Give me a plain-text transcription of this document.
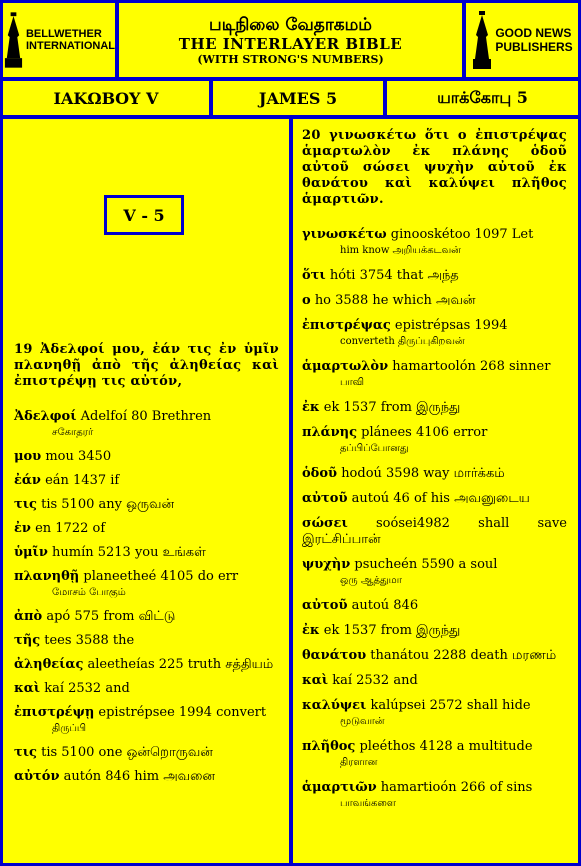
BELLWETHER
INTERNATIONAL
படிநிலை வேதாகமம்
THE INTERLAYER BIBLE
(WITH STRONG'S NUMBERS)
GOOD NEWS
PUBLISHERS
ΙΑΚΩΒΟΥ V	JAMES 5	யாக்கோபு 5
V - 5

19 Ἀδελφοί μου, ἐάν τις ἐν ὑμῖν πλανηθῇ ἀπὸ τῆς ἀληθείας καὶ ἐπιστρέψῃ τις αὐτόν,

Ἀδελφοί Adelfoí 80 Brethren
சகோதரர்
μου mou 3450
ἐάν eán 1437 if
τις tis 5100 any ஒருவன்
ἐν en 1722 of
ὑμῖν humín 5213 you உங்கள்
πλανηθῇ planeetheé 4105 do err
மோசம் போகும்
ἀπὸ apó 575 from விட்டு
τῆς tees 3588 the
ἀληθείας aleetheías 225 truth சத்தியம்
καὶ kaí 2532 and
ἐπιστρέψῃ epistrépsee 1994 convert
திருப்பி
τις tis 5100 one ஒன்றொருவன்
αὐτόν autón 846 him அவனை

20 γινωσκέτω ὅτι ο ἐπιστρέψας ἁμαρτωλὸν ἐκ πλάνης ὁδοῦ αὐτοῦ σώσει ψυχὴν αὐτοῦ ἐκ θανάτου καὶ καλύψει πλῆθος ἁμαρτιῶν.

γινωσκέτω ginooskétoo 1097 Let
him know அறியக்கடவன்
ὅτι hóti 3754 that அந்த
ο ho 3588 he which அவன்
ἐπιστρέψας epistrépsas 1994
converteth திருப்புகிறவன்
ἁμαρτωλὸν hamartoolón 268 sinner
பாவி
ἐκ ek 1537 from இருந்து
πλάνης plánees 4106 error
தப்பிப்போனது
ὁδοῦ hodoú 3598 way மார்க்கம்
αὐτοῦ autoú 46 of his அவனுடைய
σώσει soósei4982 shall save இரட்சிப்பான்
ψυχὴν psucheén 5590 a soul
ஒரு ஆத்துமா
αὐτοῦ autoú 846
ἐκ ek 1537 from இருந்து
θανάτου thanátou 2288 death மரணம்
καὶ kaí 2532 and
καλύψει kalúpsei 2572 shall hide
மூடுவான்
πλῆθος pleéthos 4128 a multitude
திரளான
ἁμαρτιῶν hamartioón 266 of sins
பாவங்களை
